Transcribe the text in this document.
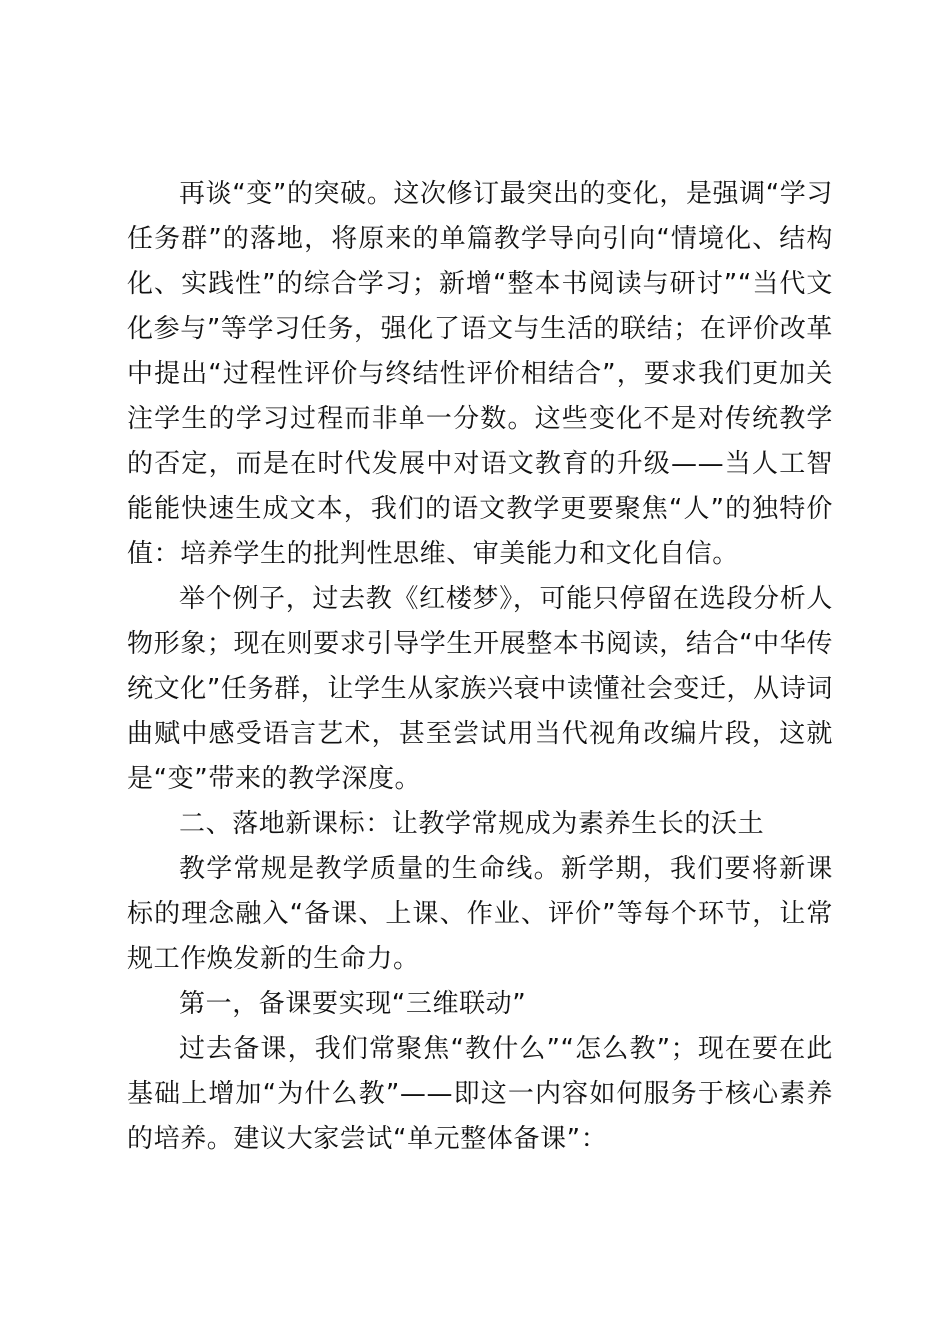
再谈“变”的突破。这次修订最突出的变化，是强调“学习任务群”的落地，将原来的单篇教学导向引向“情境化、结构化、实践性”的综合学习；新增“整本书阅读与研讨”“当代文化参与”等学习任务，强化了语文与生活的联结；在评价改革中提出“过程性评价与终结性评价相结合”，要求我们更加关注学生的学习过程而非单一分数。这些变化不是对传统教学的否定，而是在时代发展中对语文教育的升级——当人工智能能快速生成文本，我们的语文教学更要聚焦“人”的独特价值：培养学生的批判性思维、审美能力和文化自信。

举个例子，过去教《红楼梦》，可能只停留在选段分析人物形象；现在则要求引导学生开展整本书阅读，结合“中华传统文化”任务群，让学生从家族兴衰中读懂社会变迁，从诗词曲赋中感受语言艺术，甚至尝试用当代视角改编片段，这就是“变”带来的教学深度。

二、落地新课标：让教学常规成为素养生长的沃土

教学常规是教学质量的生命线。新学期，我们要将新课标的理念融入“备课、上课、作业、评价”等每个环节，让常规工作焕发新的生命力。

第一，备课要实现“三维联动”

过去备课，我们常聚焦“教什么”“怎么教”；现在要在此基础上增加“为什么教”——即这一内容如何服务于核心素养的培养。建议大家尝试“单元整体备课”：
